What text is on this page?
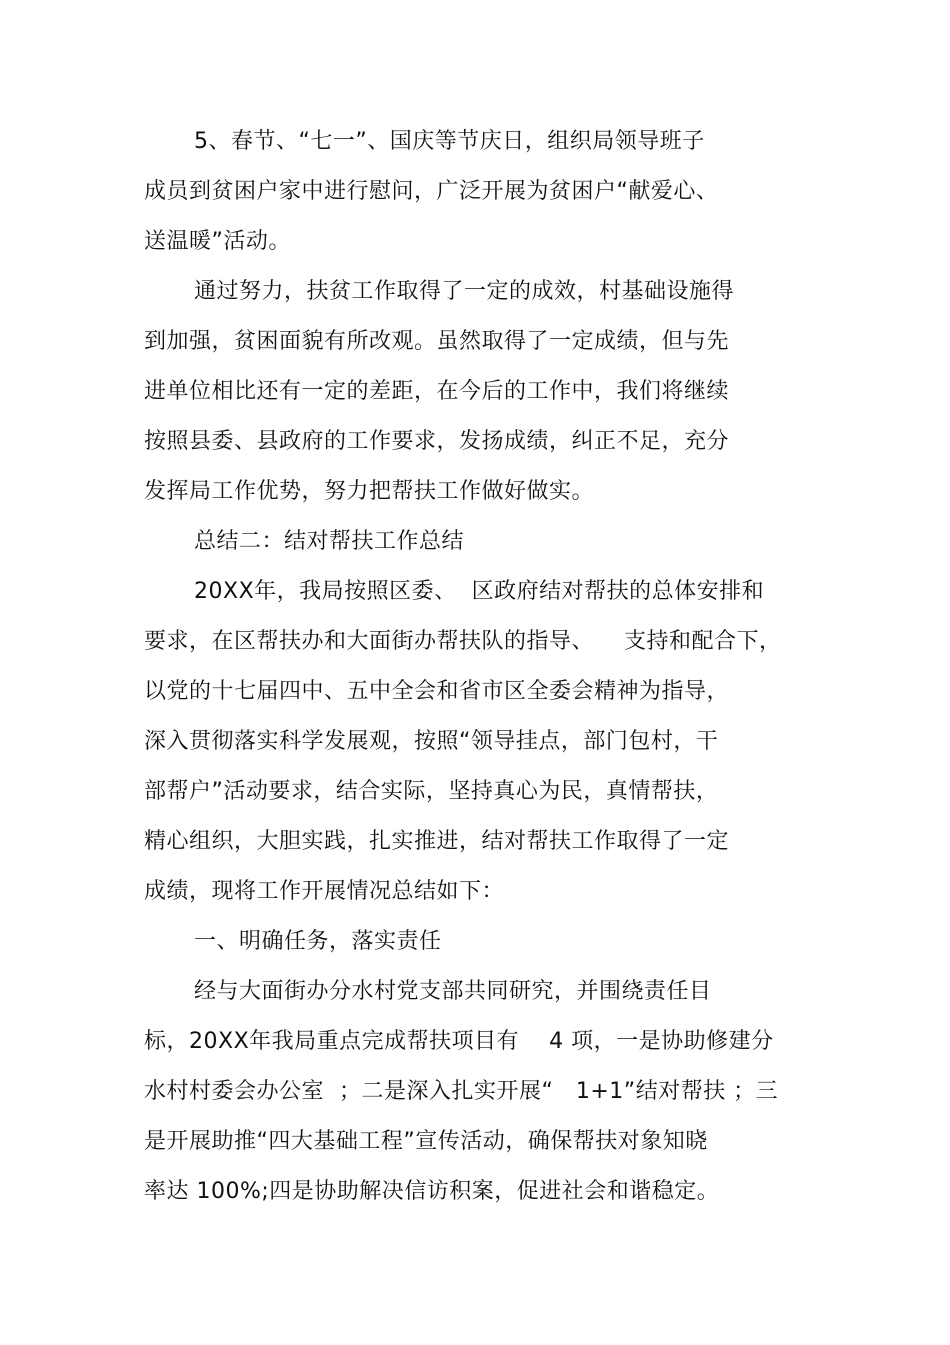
5、春节、“七一”、国庆等节庆日，组织局领导班子
成员到贫困户家中进行慰问，广泛开展为贫困户“献爱心、
送温暖”活动。
通过努力，扶贫工作取得了一定的成效，村基础设施得
到加强，贫困面貌有所改观。虽然取得了一定成绩，但与先
进单位相比还有一定的差距，在今后的工作中，我们将继续
按照县委、县政府的工作要求，发扬成绩，纠正不足，充分
发挥局工作优势，努力把帮扶工作做好做实。
总结二：结对帮扶工作总结
20XX年，我局按照区委、  区政府结对帮扶的总体安排和
要求，在区帮扶办和大面街办帮扶队的指导、    支持和配合下，
以党的十七届四中、五中全会和省市区全委会精神为指导，
深入贯彻落实科学发展观，按照“领导挂点，部门包村，干
部帮户”活动要求，结合实际，坚持真心为民，真情帮扶，
精心组织，大胆实践，扎实推进，结对帮扶工作取得了一定
成绩，现将工作开展情况总结如下：
一、明确任务，落实责任
经与大面街办分水村党支部共同研究，并围绕责任目
标，20XX年我局重点完成帮扶项目有    4 项，一是协助修建分
水村村委会办公室  ；二是深入扎实开展“   1+1”结对帮扶 ；三
是开展助推“四大基础工程”宣传活动，确保帮扶对象知晓
率达 100%;四是协助解决信访积案，促进社会和谐稳定。
